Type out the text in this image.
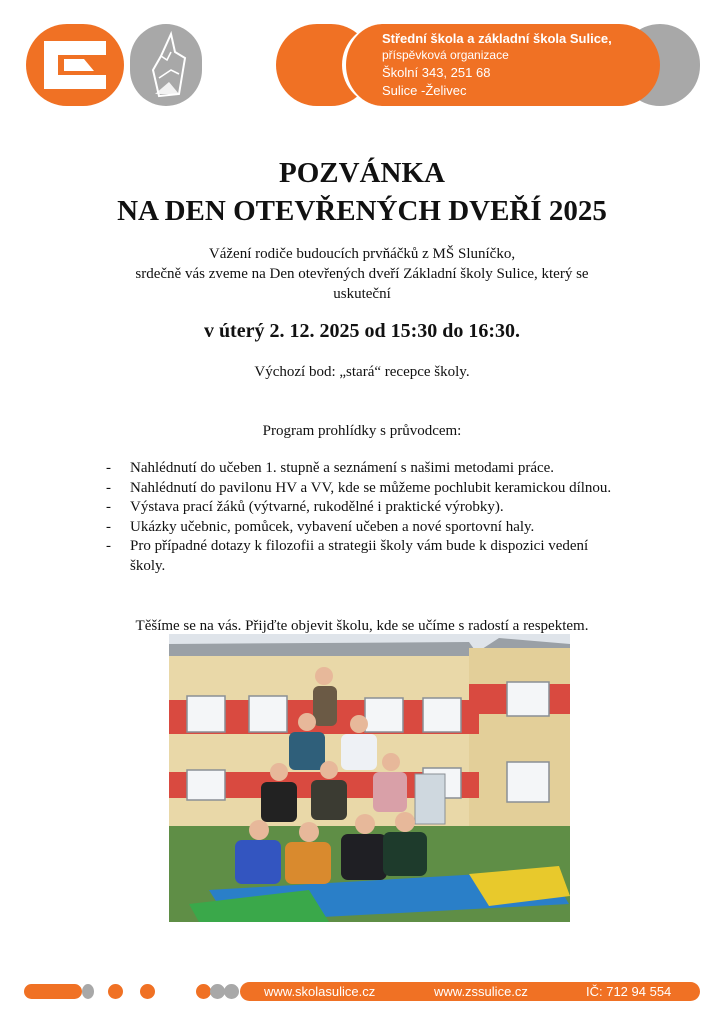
Střední škola a základní škola Sulice,
příspěvková organizace
Školní 343, 251 68
Sulice -Želivec
POZVÁNKA
NA DEN OTEVŘENÝCH DVEŘÍ 2025
Vážení rodiče budoucích prvňáčků z MŠ Sluníčko,
srdečně vás zveme na Den otevřených dveří Základní školy Sulice, který se
uskuteční
v úterý 2. 12. 2025 od 15:30 do 16:30.
Výchozí bod: „stará“ recepce školy.
Program prohlídky s průvodcem:
- Nahlédnutí do učeben 1. stupně a seznámení s našimi metodami práce.
- Nahlédnutí do pavilonu HV a VV, kde se můžeme pochlubit keramickou dílnou.
- Výstava prací žáků (výtvarné, rukodělné i praktické výrobky).
- Ukázky učebnic, pomůcek, vybavení učeben a nové sportovní haly.
- Pro případné dotazy k filozofii a strategii školy vám bude k dispozici vedení školy.
Těšíme se na vás. Přijďte objevit školu, kde se učíme s radostí a respektem.
www.skolasulice.cz	www.zssulice.cz	IČ: 712 94 554
